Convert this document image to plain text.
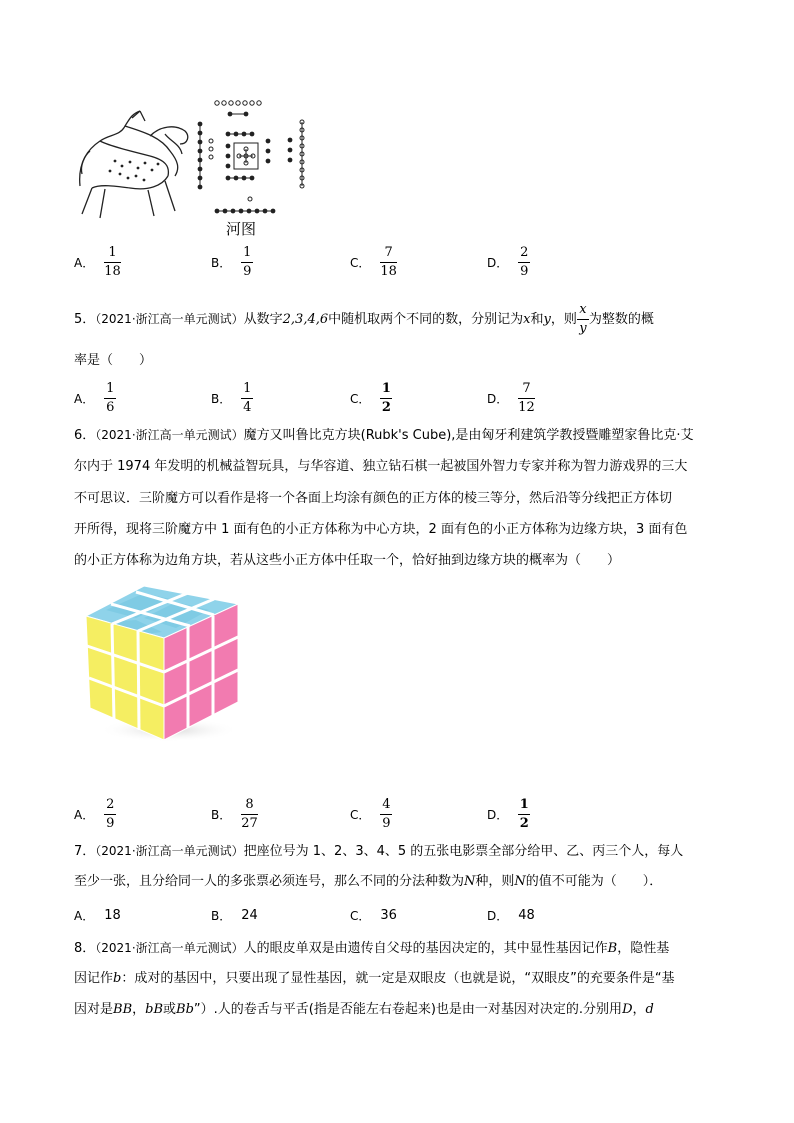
河图
A． $\frac{1}{18}$	B． $\frac{1}{9}$	C． $\frac{7}{18}$	D． $\frac{2}{9}$
5．（2021·浙江高一单元测试）从数字2,3,4,6中随机取两个不同的数，分别记为x和y，则 $\frac{x}{y}$ 为整数的概
率是（　　）
A． $\frac{1}{6}$	B． $\frac{1}{4}$	C． $\frac{1}{2}$	D． $\frac{7}{12}$
6．（2021·浙江高一单元测试）魔方又叫鲁比克方块(Rubk's Cube),是由匈牙利建筑学教授暨雕塑家鲁比克·艾
尔内于 1974 年发明的机械益智玩具，与华容道、独立钻石棋一起被国外智力专家并称为智力游戏界的三大
不可思议．三阶魔方可以看作是将一个各面上均涂有颜色的正方体的棱三等分，然后沿等分线把正方体切
开所得，现将三阶魔方中 1 面有色的小正方体称为中心方块，2 面有色的小正方体称为边缘方块，3 面有色
的小正方体称为边角方块，若从这些小正方体中任取一个，恰好抽到边缘方块的概率为（　　）
A． $\frac{2}{9}$	B． $\frac{8}{27}$	C． $\frac{4}{9}$	D． $\frac{1}{2}$
7．（2021·浙江高一单元测试）把座位号为 1、2、3、4、5 的五张电影票全部分给甲、乙、丙三个人，每人
至少一张，且分给同一人的多张票必须连号，那么不同的分法种数为N种，则N的值不可能为（　　）．
A． 18	B． 24	C． 36	D． 48
8．（2021·浙江高一单元测试）人的眼皮单双是由遗传自父母的基因决定的，其中显性基因记作B，隐性基
因记作b：成对的基因中，只要出现了显性基因，就一定是双眼皮（也就是说，“双眼皮”的充要条件是“基
因对是BB，bB或Bb”）.人的卷舌与平舌(指是否能左右卷起来)也是由一对基因对决定的.分别用D，d
